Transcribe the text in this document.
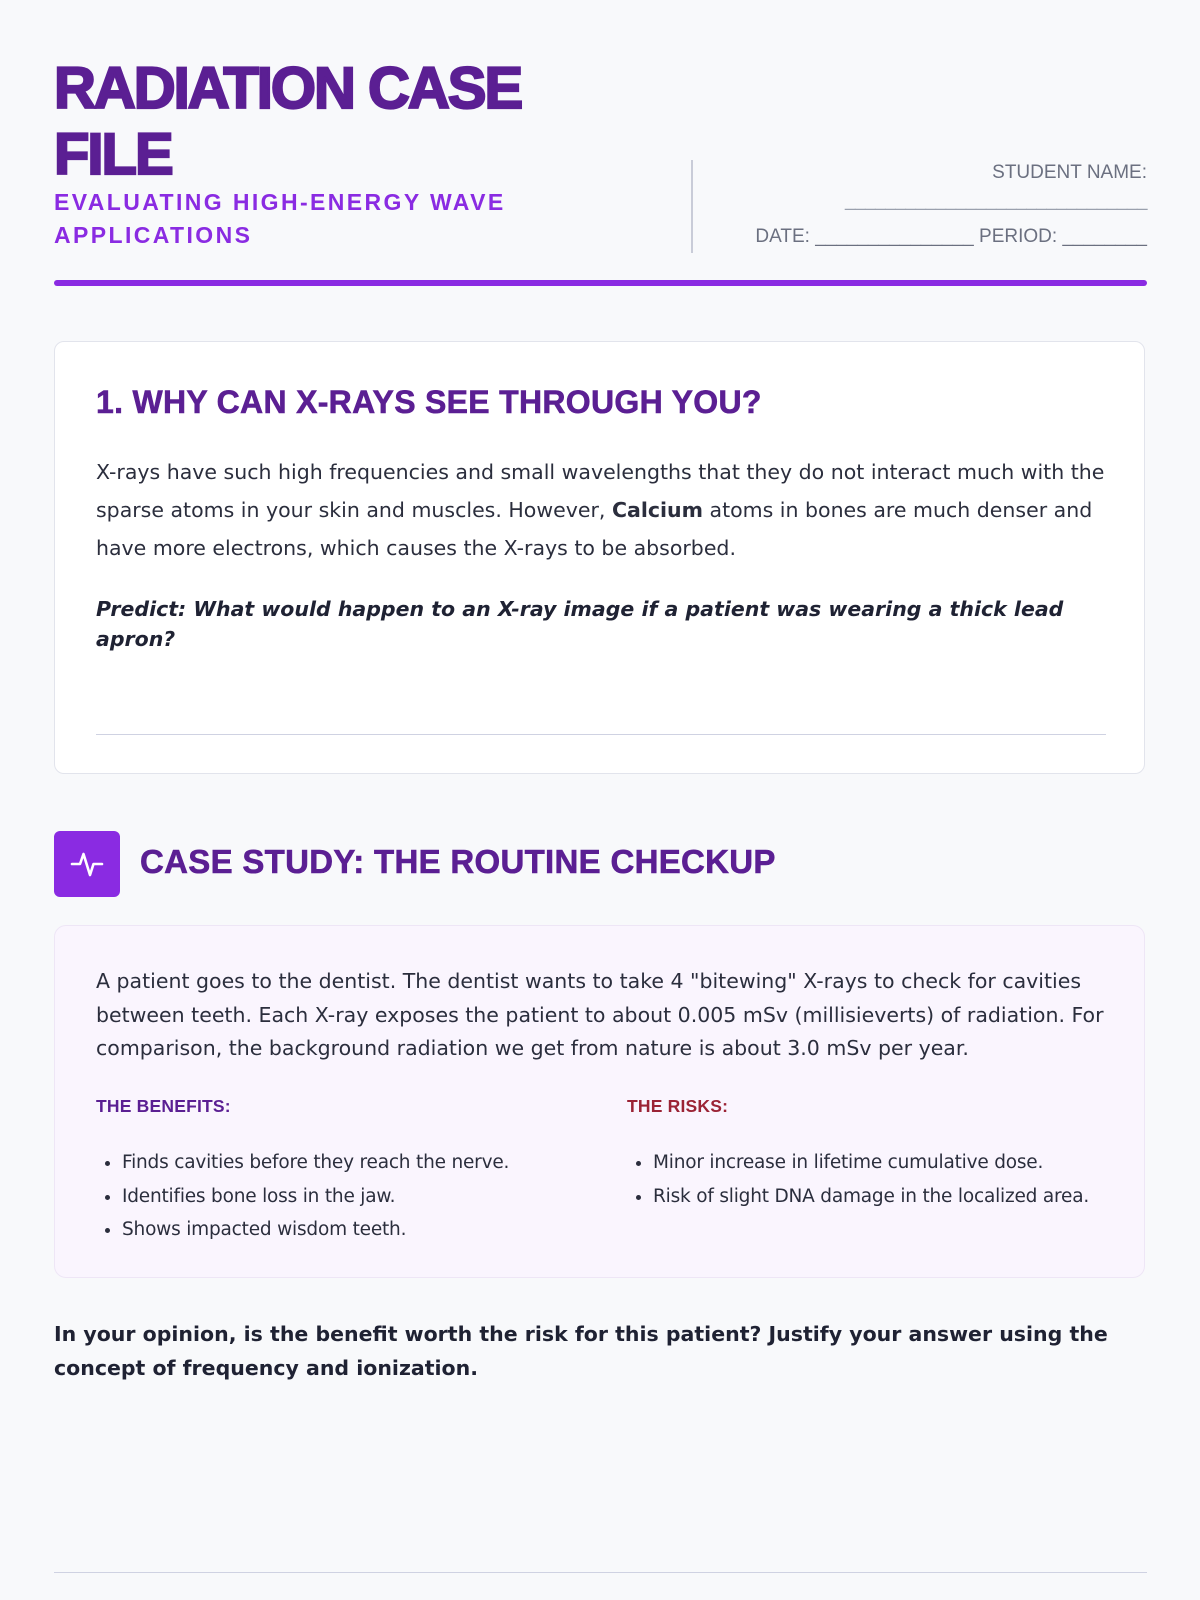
RADIATION CASE FILE

EVALUATING HIGH-ENERGY WAVE APPLICATIONS

STUDENT NAME:
______________________________
DATE: _______________ PERIOD: ________
1. WHY CAN X-RAYS SEE THROUGH YOU?

X-rays have such high frequencies and small wavelengths that they do not interact much with the sparse atoms in your skin and muscles. However, Calcium atoms in bones are much denser and have more electrons, which causes the X-rays to be absorbed.

Predict: What would happen to an X-ray image if a patient was wearing a thick lead apron?

CASE STUDY: THE ROUTINE CHECKUP

A patient goes to the dentist. The dentist wants to take 4 "bitewing" X-rays to check for cavities between teeth. Each X-ray exposes the patient to about 0.005 mSv (millisieverts) of radiation. For comparison, the background radiation we get from nature is about 3.0 mSv per year.

THE BENEFITS:
• Finds cavities before they reach the nerve.
• Identifies bone loss in the jaw.
• Shows impacted wisdom teeth.
THE RISKS:
• Minor increase in lifetime cumulative dose.
• Risk of slight DNA damage in the localized area.

In your opinion, is the benefit worth the risk for this patient? Justify your answer using the concept of frequency and ionization.
